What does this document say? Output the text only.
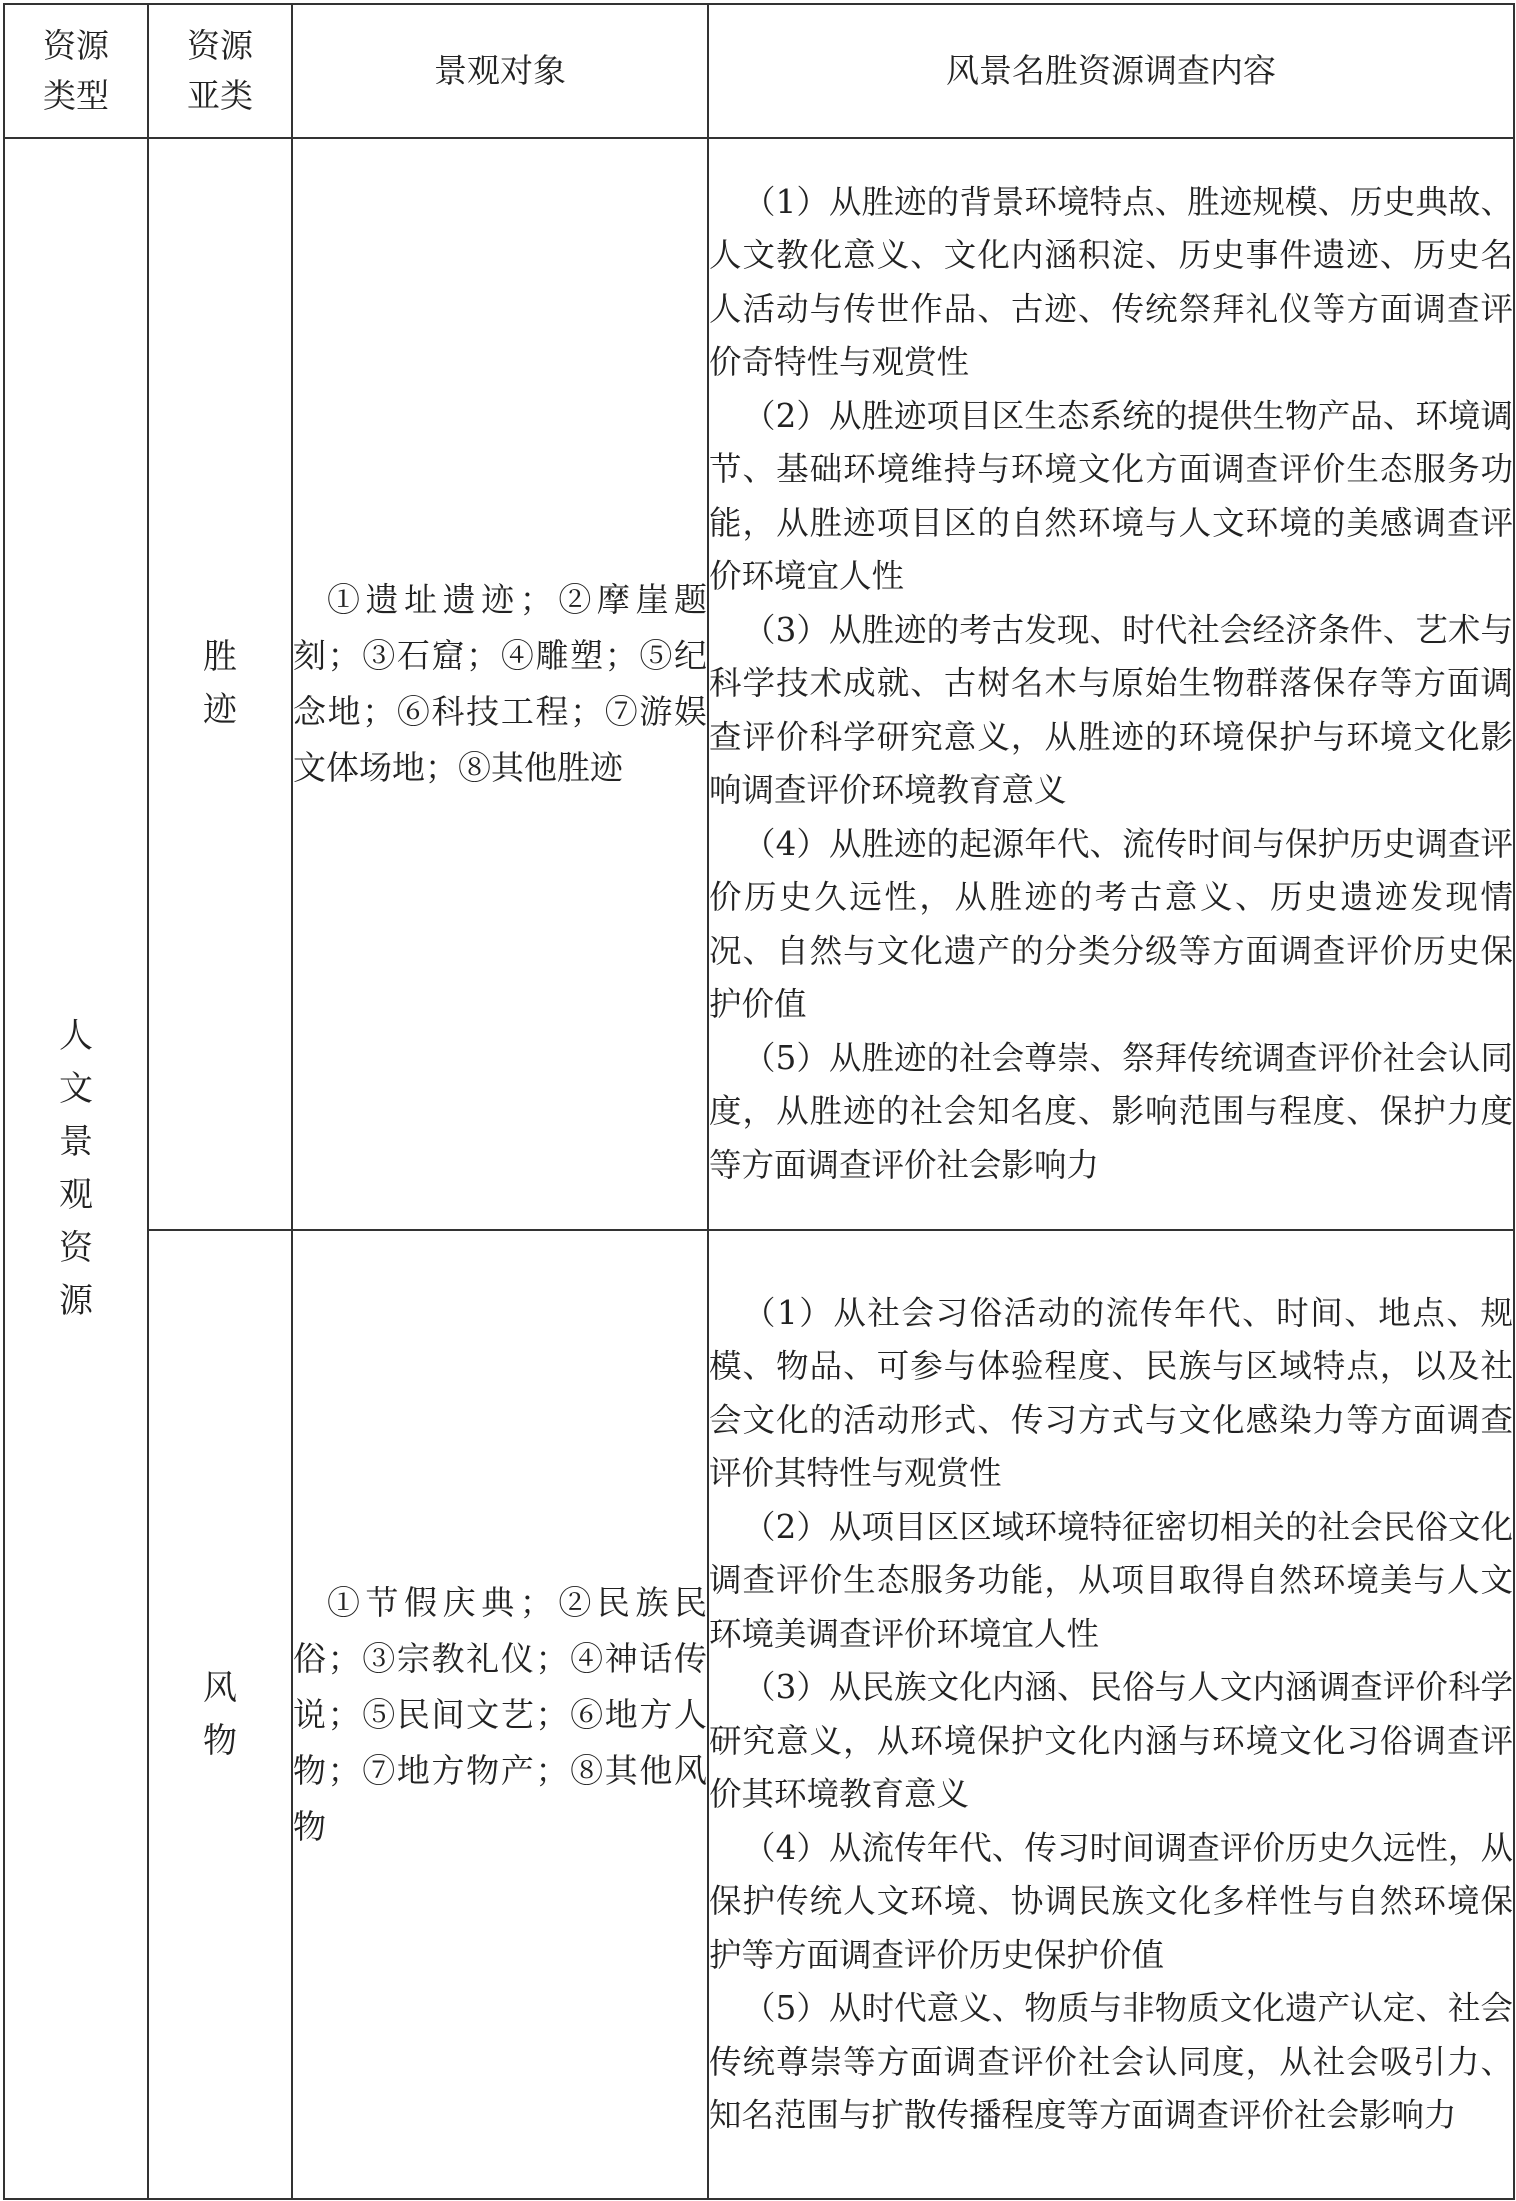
资源类型	资源亚类	景观对象	风景名胜资源调查内容
人文景观资源	胜迹	①遗址遗迹；②摩崖题刻；③石窟；④雕塑；⑤纪念地；⑥科技工程；⑦游娱文体场地；⑧其他胜迹	（1）从胜迹的背景环境特点、胜迹规模、历史典故、人文教化意义、文化内涵积淀、历史事件遗迹、历史名人活动与传世作品、古迹、传统祭拜礼仪等方面调查评价奇特性与观赏性

（2）从胜迹项目区生态系统的提供生物产品、环境调节、基础环境维持与环境文化方面调查评价生态服务功能，从胜迹项目区的自然环境与人文环境的美感调查评价环境宜人性

（3）从胜迹的考古发现、时代社会经济条件、艺术与科学技术成就、古树名木与原始生物群落保存等方面调查评价科学研究意义，从胜迹的环境保护与环境文化影响调查评价环境教育意义

（4）从胜迹的起源年代、流传时间与保护历史调查评价历史久远性，从胜迹的考古意义、历史遗迹发现情况、自然与文化遗产的分类分级等方面调查评价历史保护价值

（5）从胜迹的社会尊崇、祭拜传统调查评价社会认同度，从胜迹的社会知名度、影响范围与程度、保护力度等方面调查评价社会影响力

	风物	①节假庆典；②民族民俗；③宗教礼仪；④神话传说；⑤民间文艺；⑥地方人物；⑦地方物产；⑧其他风物	（1）从社会习俗活动的流传年代、时间、地点、规模、物品、可参与体验程度、民族与区域特点，以及社会文化的活动形式、传习方式与文化感染力等方面调查评价其特性与观赏性

（2）从项目区区域环境特征密切相关的社会民俗文化调查评价生态服务功能，从项目取得自然环境美与人文环境美调查评价环境宜人性

（3）从民族文化内涵、民俗与人文内涵调查评价科学研究意义，从环境保护文化内涵与环境文化习俗调查评价其环境教育意义

（4）从流传年代、传习时间调查评价历史久远性，从保护传统人文环境、协调民族文化多样性与自然环境保护等方面调查评价历史保护价值

（5）从时代意义、物质与非物质文化遗产认定、社会传统尊崇等方面调查评价社会认同度，从社会吸引力、知名范围与扩散传播程度等方面调查评价社会影响力
